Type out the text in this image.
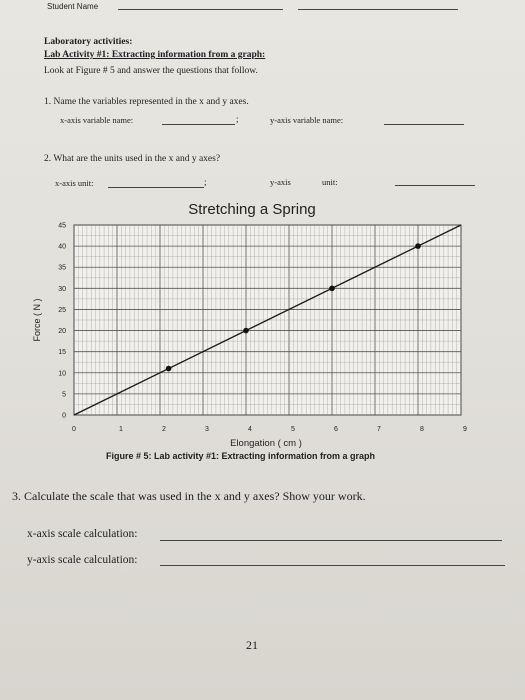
Student Name
Laboratory activities:
Lab Activity #1: Extracting information from a graph:
Look at Figure # 5 and answer the questions that follow.
1. Name the variables represented in the x and y axes.
x-axis variable name:	;	y-axis variable name:
2. What are the units used in the x and y axes?
x-axis unit:	;	y-axis	unit:
Stretching a Spring
0	1	2	3	4	5	6	7	8	9
0
5
10
15
20
25
30
35
40
45
Elongation ( cm )
Force ( N )
Figure # 5: Lab activity #1: Extracting information from a graph
3. Calculate the scale that was used in the x and y axes? Show your work.
x-axis scale calculation:
y-axis scale calculation:
21
